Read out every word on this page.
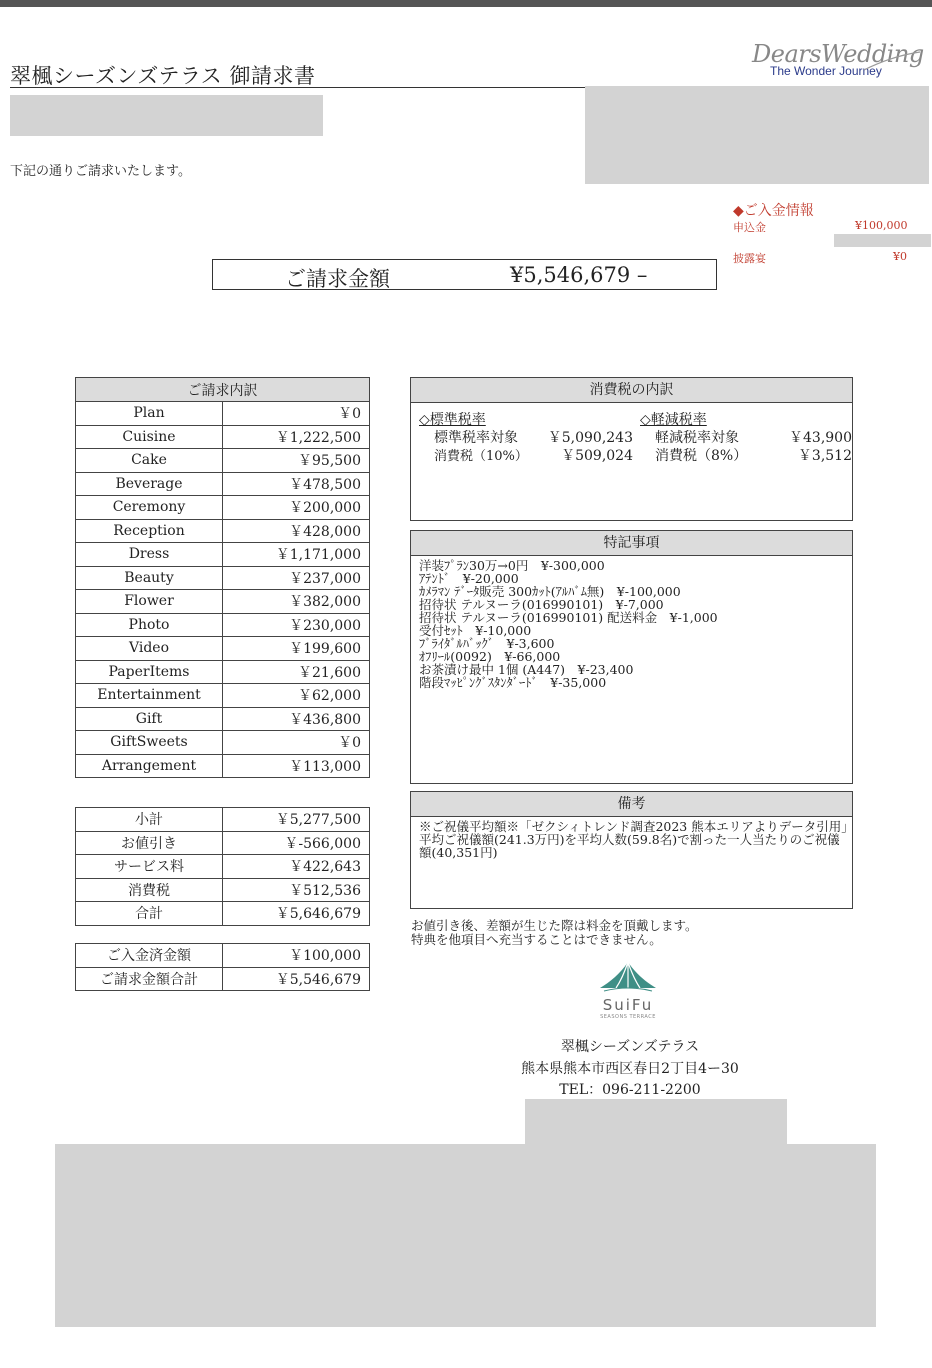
翠楓シーズンズテラス 御請求書
下記の通りご請求いたします。
DearsWedding
The Wonder Journey
◆ご入金情報
申込金	¥100,000
披露宴	¥0
ご請求金額	¥5,546,679 –
ご請求内訳	
Plan	￥0
Cuisine	￥1,222,500
Cake	￥95,500
Beverage	￥478,500
Ceremony	￥200,000
Reception	￥428,000
Dress	￥1,171,000
Beauty	￥237,000
Flower	￥382,000
Photo	￥230,000
Video	￥199,600
PaperItems	￥21,600
Entertainment	￥62,000
Gift	￥436,800
GiftSweets	￥0
Arrangement	￥113,000
小計	￥5,277,500
お値引き	￥-566,000
サービス料	￥422,643
消費税	￥512,536
合計	￥5,646,679
ご入金済金額	￥100,000
ご請求金額合計	￥5,546,679
消費税の内訳
◇標準税率
標準税率対象	￥5,090,243
消費税（10%）	￥509,024
◇軽減税率
軽減税率対象	￥43,900
消費税（8%）	￥3,512
特記事項
洋装ﾌﾟﾗﾝ30万→0円　¥-300,000
ｱﾃﾝﾄﾞ　¥-20,000
ｶﾒﾗﾏﾝ ﾃﾞｰﾀ販売 300ｶｯﾄ(ｱﾙﾊﾞﾑ無)　¥-100,000
招待状 テルヌーラ(016990101)　¥-7,000
招待状 テルヌーラ(016990101) 配送料金　¥-1,000
受付ｾｯﾄ　¥-10,000
ﾌﾞﾗｲﾀﾞﾙﾊﾞｯｸﾞ　¥-3,600
ｵﾌﾘｰﾙ(0092)　¥-66,000
お茶漬け最中 1個 (A447)　¥-23,400
階段ﾏｯﾋﾟﾝｸﾞｽﾀﾝﾀﾞｰﾄﾞ　¥-35,000
備考
※ご祝儀平均額※「ゼクシィトレンド調査2023 熊本エリアよりデータ引用」平均ご祝儀額(241.3万円)を平均人数(59.8名)で割った一人当たりのご祝儀額(40,351円)
お値引き後、差額が生じた際は料金を頂戴します。
特典を他項目へ充当することはできません。
SuiFu
SEASONS TERRACE
翠楓シーズンズテラス
熊本県熊本市西区春日2丁目4ー30
TEL：096-211-2200
